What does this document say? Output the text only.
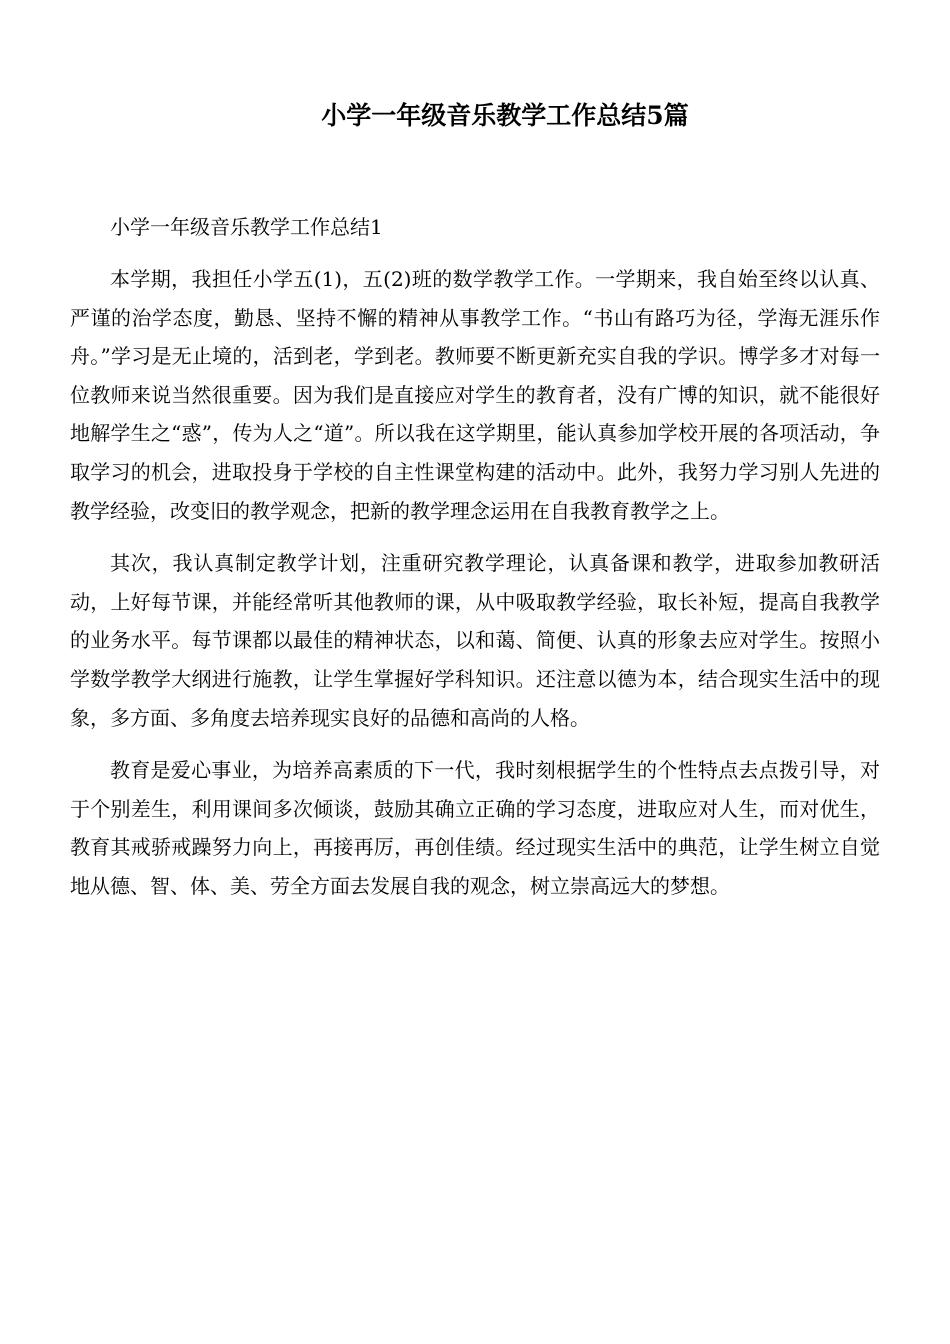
小学一年级音乐教学工作总结5篇

小学一年级音乐教学工作总结1

本学期，我担任小学五(1)，五(2)班的数学教学工作。一学期来，我自始至终以认真、严谨的治学态度，勤恳、坚持不懈的精神从事教学工作。“书山有路巧为径，学海无涯乐作舟。”学习是无止境的，活到老，学到老。教师要不断更新充实自我的学识。博学多才对每一位教师来说当然很重要。因为我们是直接应对学生的教育者，没有广博的知识，就不能很好地解学生之“惑”，传为人之“道”。所以我在这学期里，能认真参加学校开展的各项活动，争取学习的机会，进取投身于学校的自主性课堂构建的活动中。此外，我努力学习别人先进的教学经验，改变旧的教学观念，把新的教学理念运用在自我教育教学之上。

其次，我认真制定教学计划，注重研究教学理论，认真备课和教学，进取参加教研活动，上好每节课，并能经常听其他教师的课，从中吸取教学经验，取长补短，提高自我教学的业务水平。每节课都以最佳的精神状态，以和蔼、简便、认真的形象去应对学生。按照小学数学教学大纲进行施教，让学生掌握好学科知识。还注意以德为本，结合现实生活中的现象，多方面、多角度去培养现实良好的品德和高尚的人格。

教育是爱心事业，为培养高素质的下一代，我时刻根据学生的个性特点去点拨引导，对于个别差生，利用课间多次倾谈，鼓励其确立正确的学习态度，进取应对人生，而对优生，教育其戒骄戒躁努力向上，再接再厉，再创佳绩。经过现实生活中的典范，让学生树立自觉地从德、智、体、美、劳全方面去发展自我的观念，树立崇高远大的梦想。
